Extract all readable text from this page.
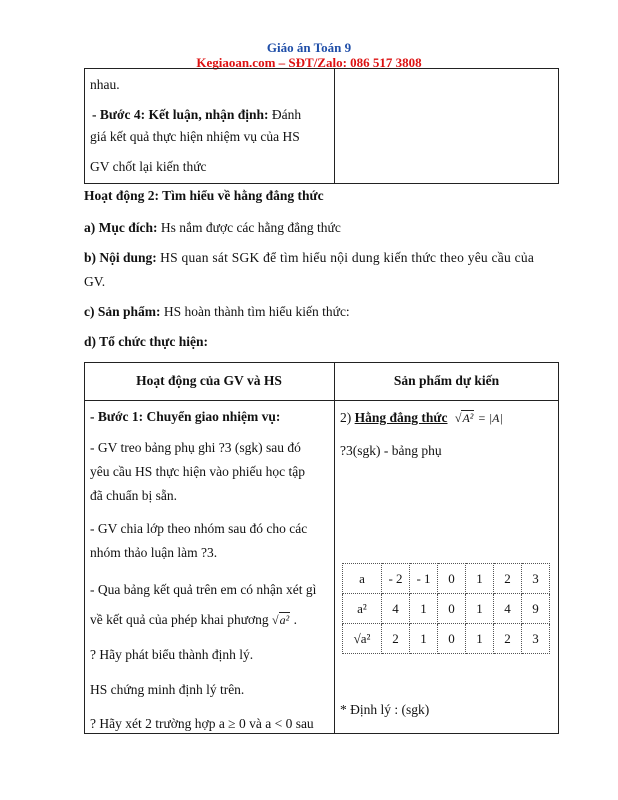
Giáo án Toán 9
Kegiaoan.com – SĐT/Zalo: 086 517 3808
nhau.
- Bước 4: Kết luận, nhận định: Đánh
giá kết quả thực hiện nhiệm vụ của HS
GV chốt lại kiến thức
Hoạt động 2: Tìm hiểu về hằng đẳng thức
a) Mục đích: Hs nắm được các hằng đẳng thức
b) Nội dung: HS quan sát SGK để tìm hiểu nội dung kiến thức theo yêu cầu của
GV.
c) Sản phẩm: HS hoàn thành tìm hiểu kiến thức:
d) Tổ chức thực hiện:
Hoạt động của GV và HS	Sản phẩm dự kiến
- Bước 1: Chuyển giao nhiệm vụ:
- GV treo bảng phụ ghi ?3 (sgk) sau đó
yêu cầu HS thực hiện vào phiếu học tập
đã chuẩn bị sẵn.
- GV chia lớp theo nhóm sau đó cho các
nhóm thảo luận làm ?3.
- Qua bảng kết quả trên em có nhận xét gì
về kết quả của phép khai phương √a² .
? Hãy phát biểu thành định lý.
HS chứng minh định lý trên.
? Hãy xét 2 trường hợp a ≥ 0 và a < 0 sau
2) Hằng đẳng thức √A² = |A|
?3(sgk) - bảng phụ
a	- 2	- 1	0	1	2	3
a²	4	1	0	1	4	9
√a²	2	1	0	1	2	3
* Định lý : (sgk)
